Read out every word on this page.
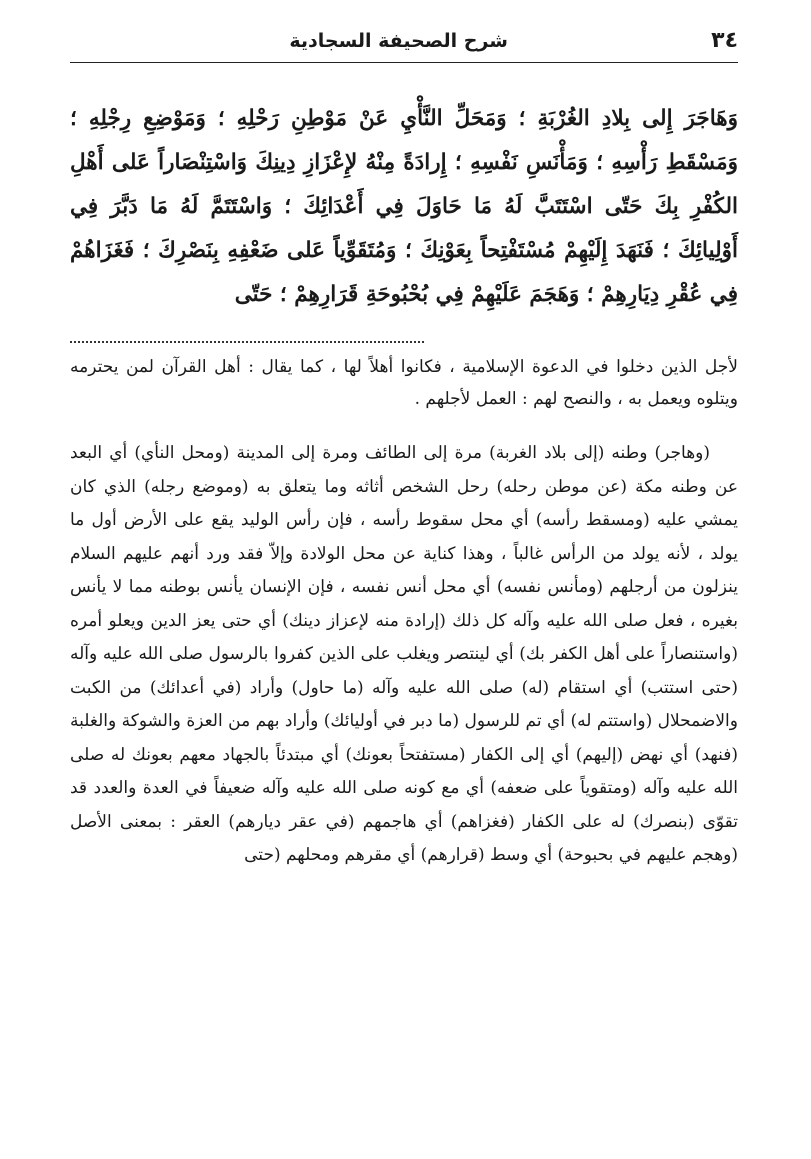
٣٤
شرح الصحيفة السجادية

وَهَاجَرَ إِلى بِلادِ الغُرْبَةِ ؛ وَمَحَلِّ النَّأْيِ عَنْ مَوْطِنِ رَحْلِهِ ؛ وَمَوْضِعِ رِجْلِهِ ؛ وَمَسْقَطِ رَأْسِهِ ؛ وَمَأْنَسِ نَفْسِهِ ؛ إِرادَةً مِنْهُ لإِعْزَازِ دِينِكَ وَاسْتِنْصَاراً عَلى أَهْلِ الكُفْرِ بِكَ حَتّى اسْتَتَبَّ لَهُ مَا حَاوَلَ فِي أَعْدَائِكَ ؛ وَاسْتَتَمَّ لَهُ مَا دَبَّرَ فِي أَوْلِيائِكَ ؛ فَنَهَدَ إِلَيْهِمْ مُسْتَفْتِحاً بِعَوْنِكَ ؛ وَمُتَقَوِّياً عَلى ضَعْفِهِ بِنَصْرِكَ ؛ فَغَزَاهُمْ فِي عُقْرِ دِيَارِهِمْ ؛ وَهَجَمَ عَلَيْهِمْ فِي بُحْبُوحَةِ قَرَارِهِمْ ؛ حَتّى

لأجل الذين دخلوا في الدعوة الإسلامية ، فكانوا أهلاً لها ، كما يقال : أهل القرآن لمن يحترمه ويتلوه ويعمل به ، والنصح لهم : العمل لأجلهم .

(وهاجر) وطنه (إلى بلاد الغربة) مرة إلى الطائف ومرة إلى المدينة (ومحل النأي) أي البعد عن وطنه مكة (عن موطن رحله) رحل الشخص أثاثه وما يتعلق به (وموضع رجله) الذي كان يمشي عليه (ومسقط رأسه) أي محل سقوط رأسه ، فإن رأس الوليد يقع على الأرض أول ما يولد ، لأنه يولد من الرأس غالباً ، وهذا كناية عن محل الولادة وإلاّ فقد ورد أنهم عليهم السلام ينزلون من أرجلهم (ومأنس نفسه) أي محل أنس نفسه ، فإن الإنسان يأنس بوطنه مما لا يأنس بغيره ، فعل صلى الله عليه وآله كل ذلك (إرادة منه لإعزاز دينك) أي حتى يعز الدين ويعلو أمره (واستنصاراً على أهل الكفر بك) أي لينتصر ويغلب على الذين كفروا بالرسول صلى الله عليه وآله (حتى استتب) أي استقام (له) صلى الله عليه وآله (ما حاول) وأراد (في أعدائك) من الكبت والاضمحلال (واستتم له) أي تم للرسول (ما دبر في أوليائك) وأراد بهم من العزة والشوكة والغلبة (فنهد) أي نهض (إليهم) أي إلى الكفار (مستفتحاً بعونك) أي مبتدئاً بالجهاد معهم بعونك له صلى الله عليه وآله (ومتقوياً على ضعفه) أي مع كونه صلى الله عليه وآله ضعيفاً في العدة والعدد قد تقوّى (بنصرك) له على الكفار (فغزاهم) أي هاجمهم (في عقر ديارهم) العقر : بمعنى الأصل (وهجم عليهم في بحبوحة) أي وسط (قرارهم) أي مقرهم ومحلهم (حتى
